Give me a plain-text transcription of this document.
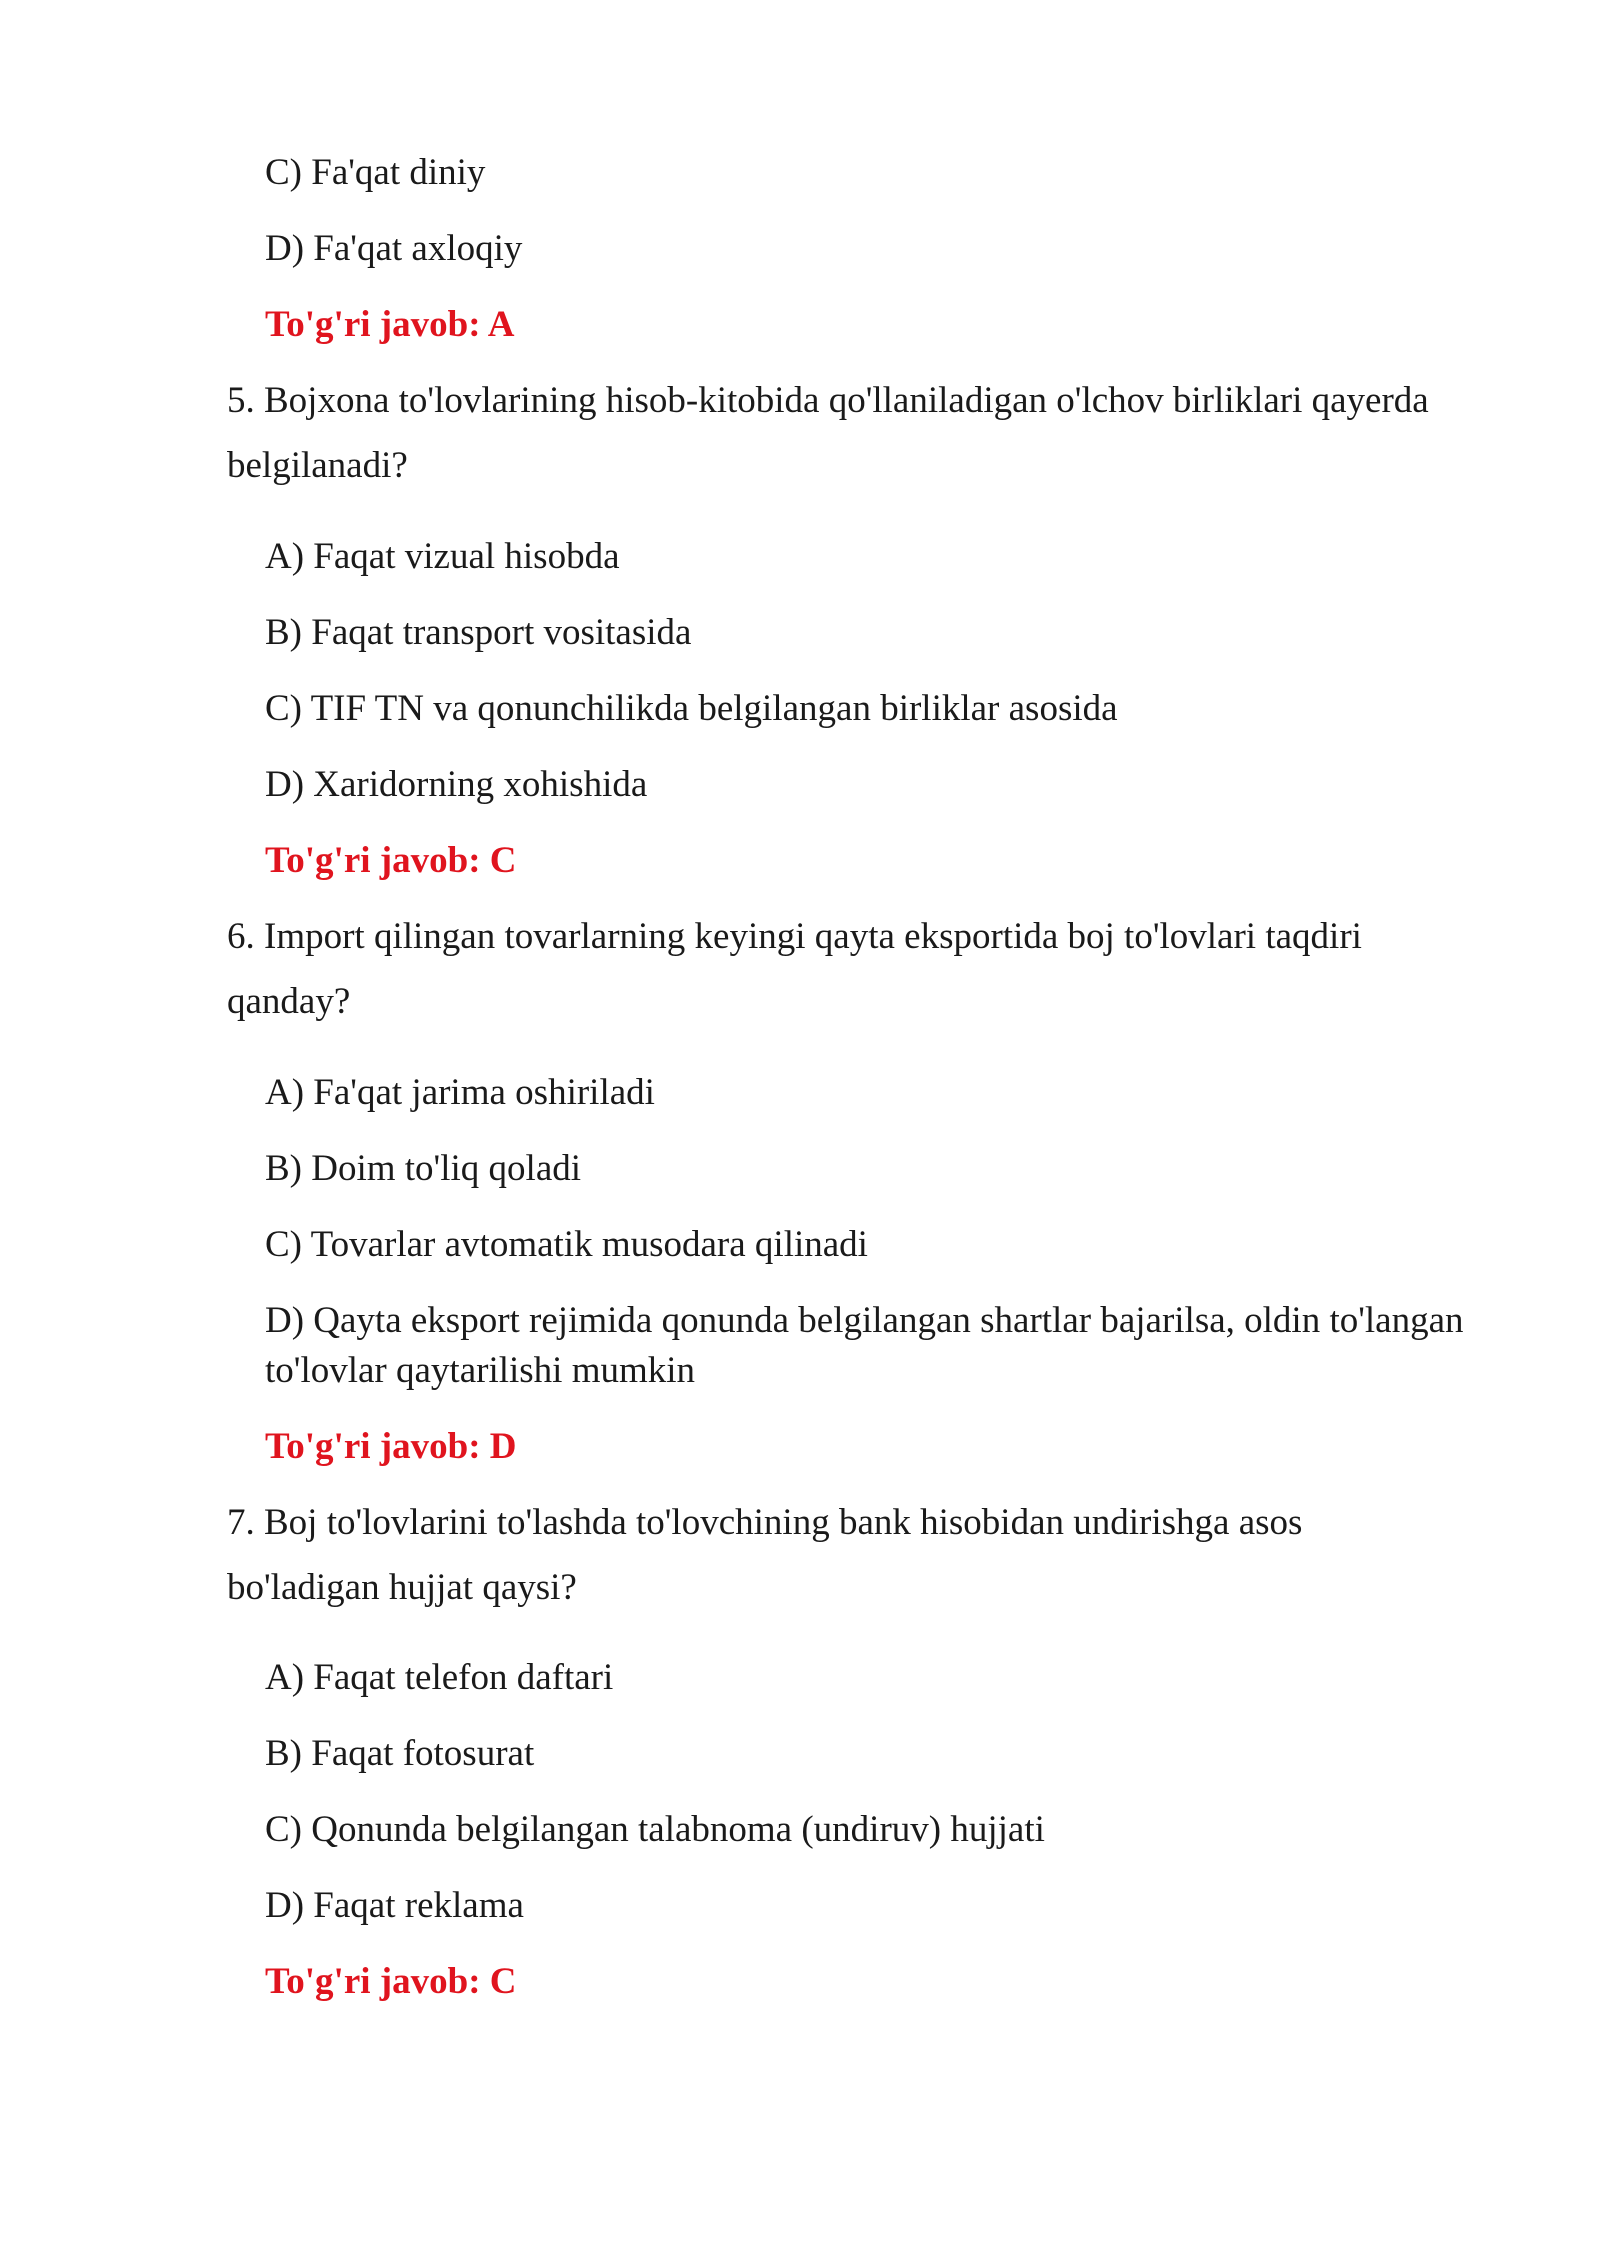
C) Fa'qat diniy
D) Fa'qat axloqiy
To'g'ri javob: A
5. Bojxona to'lovlarining hisob-kitobida qo'llaniladigan o'lchov birliklari qayerda
belgilanadi?
A) Faqat vizual hisobda
B) Faqat transport vositasida
C) TIF TN va qonunchilikda belgilangan birliklar asosida
D) Xaridorning xohishida
To'g'ri javob: C
6. Import qilingan tovarlarning keyingi qayta eksportida boj to'lovlari taqdiri
qanday?
A) Fa'qat jarima oshiriladi
B) Doim to'liq qoladi
C) Tovarlar avtomatik musodara qilinadi
D) Qayta eksport rejimida qonunda belgilangan shartlar bajarilsa, oldin to'langan
to'lovlar qaytarilishi mumkin
To'g'ri javob: D
7. Boj to'lovlarini to'lashda to'lovchining bank hisobidan undirishga asos
bo'ladigan hujjat qaysi?
A) Faqat telefon daftari
B) Faqat fotosurat
C) Qonunda belgilangan talabnoma (undiruv) hujjati
D) Faqat reklama
To'g'ri javob: C
